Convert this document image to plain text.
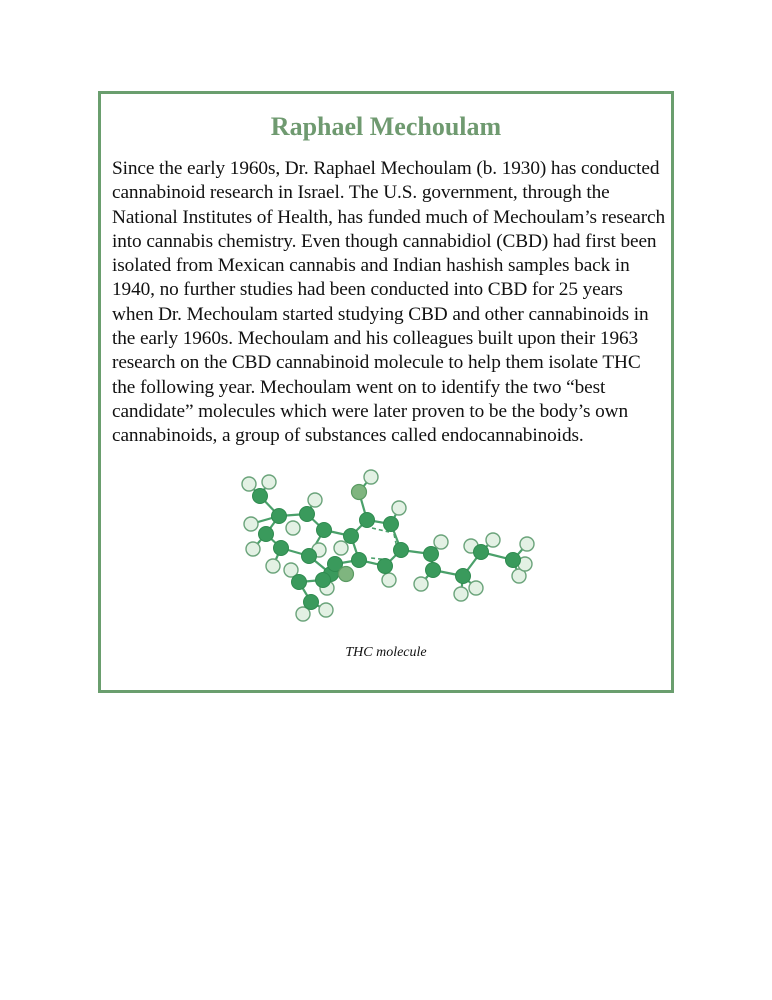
Raphael Mechoulam

Since the early 1960s, Dr. Raphael Mechoulam (b. 1930) has conducted cannabinoid research in Israel. The U.S. government, through the National Institutes of Health, has funded much of Mechoulam’s research into cannabis chemistry. Even though cannabidiol (CBD) had first been isolated from Mexican cannabis and Indian hashish samples back in 1940, no further studies had been conducted into CBD for 25 years when Dr. Mechoulam started studying CBD and other cannabinoids in the early 1960s. Mechoulam and his colleagues built upon their 1963 research on the CBD cannabinoid molecule to help them isolate THC the following year. Mechoulam went on to identify the two “best candidate” molecules which were later proven to be the body’s own cannabinoids, a group of substances called endocannabinoids.

THC molecule
